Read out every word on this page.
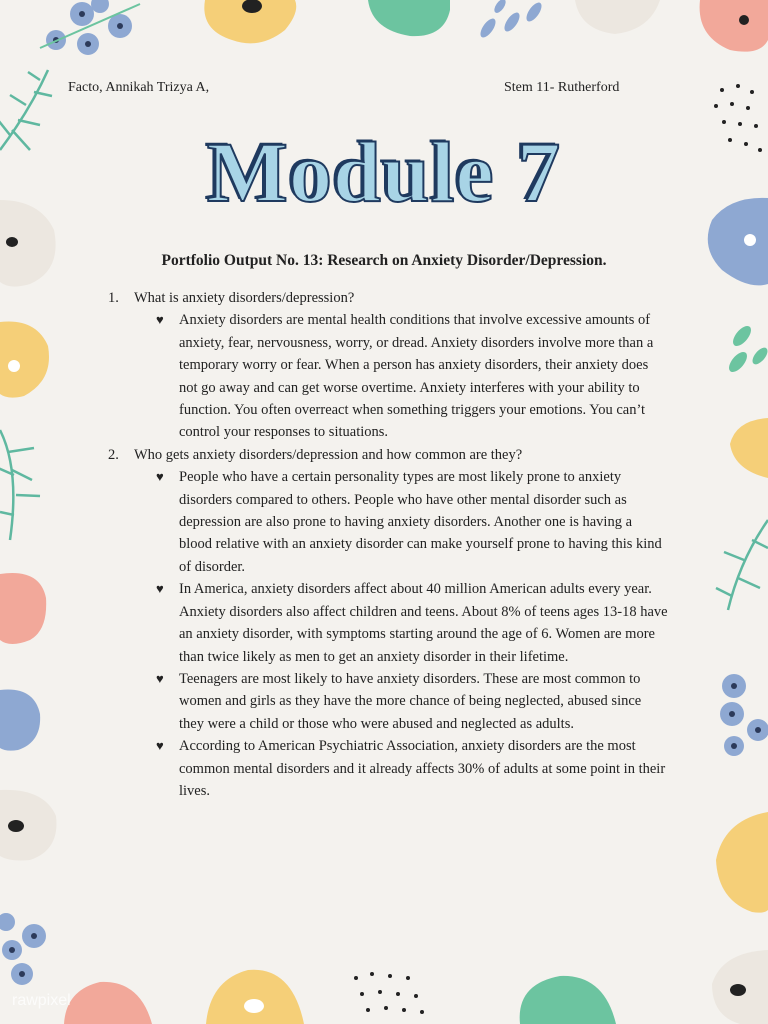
Facto, Annikah Trizya A,	Stem 11- Rutherford
Module 7
Portfolio Output No. 13: Research on Anxiety Disorder/Depression.
1.	What is anxiety disorders/depression?
♥	Anxiety disorders are mental health conditions that involve excessive amounts of anxiety, fear, nervousness, worry, or dread. Anxiety disorders involve more than a temporary worry or fear. When a person has anxiety disorders, their anxiety does not go away and can get worse overtime. Anxiety interferes with your ability to function. You often overreact when something triggers your emotions. You can’t control your responses to situations.
2.	Who gets anxiety disorders/depression and how common are they?
♥	People who have a certain personality types are most likely prone to anxiety disorders compared to others. People who have other mental disorder such as depression are also prone to having anxiety disorders. Another one is having a blood relative with an anxiety disorder can make yourself prone to having this kind of disorder.
♥	In America, anxiety disorders affect about 40 million American adults every year. Anxiety disorders also affect children and teens. About 8% of teens ages 13-18 have an anxiety disorder, with symptoms starting around the age of 6. Women are more than twice likely as men to get an anxiety disorder in their lifetime.
♥	Teenagers are most likely to have anxiety disorders. These are most common to women and girls as they have the more chance of being neglected, abused since they were a child or those who were abused and neglected as adults.
♥	According to American Psychiatric Association, anxiety disorders are the most common mental disorders and it already affects 30% of adults at some point in their lives.
rawpixel
